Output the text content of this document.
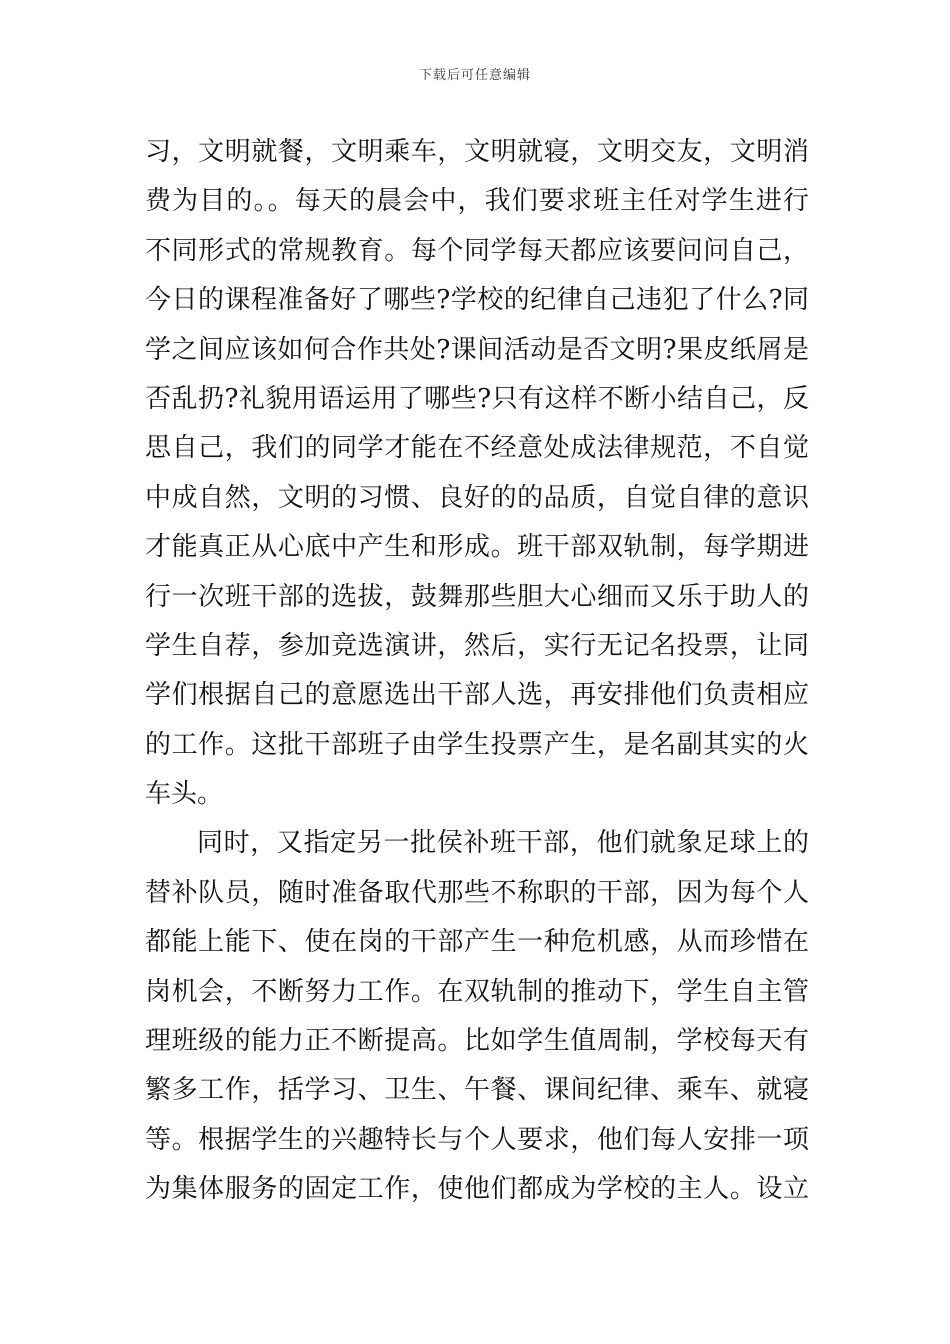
下载后可任意编辑
习，文明就餐，文明乘车，文明就寝，文明交友，文明消
费为目的。。每天的晨会中，我们要求班主任对学生进行
不同形式的常规教育。每个同学每天都应该要问问自己，
今日的课程准备好了哪些?学校的纪律自己违犯了什么?同
学之间应该如何合作共处?课间活动是否文明?果皮纸屑是
否乱扔?礼貌用语运用了哪些?只有这样不断小结自己，反
思自己，我们的同学才能在不经意处成法律规范，不自觉
中成自然，文明的习惯、良好的的品质，自觉自律的意识
才能真正从心底中产生和形成。班干部双轨制，每学期进
行一次班干部的选拔，鼓舞那些胆大心细而又乐于助人的
学生自荐，参加竞选演讲，然后，实行无记名投票，让同
学们根据自己的意愿选出干部人选，再安排他们负责相应
的工作。这批干部班子由学生投票产生，是名副其实的火
车头。
同时，又指定另一批侯补班干部，他们就象足球上的
替补队员，随时准备取代那些不称职的干部，因为每个人
都能上能下、使在岗的干部产生一种危机感，从而珍惜在
岗机会，不断努力工作。在双轨制的推动下，学生自主管
理班级的能力正不断提高。比如学生值周制，学校每天有
繁多工作，括学习、卫生、午餐、课间纪律、乘车、就寝
等。根据学生的兴趣特长与个人要求，他们每人安排一项
为集体服务的固定工作，使他们都成为学校的主人。设立
